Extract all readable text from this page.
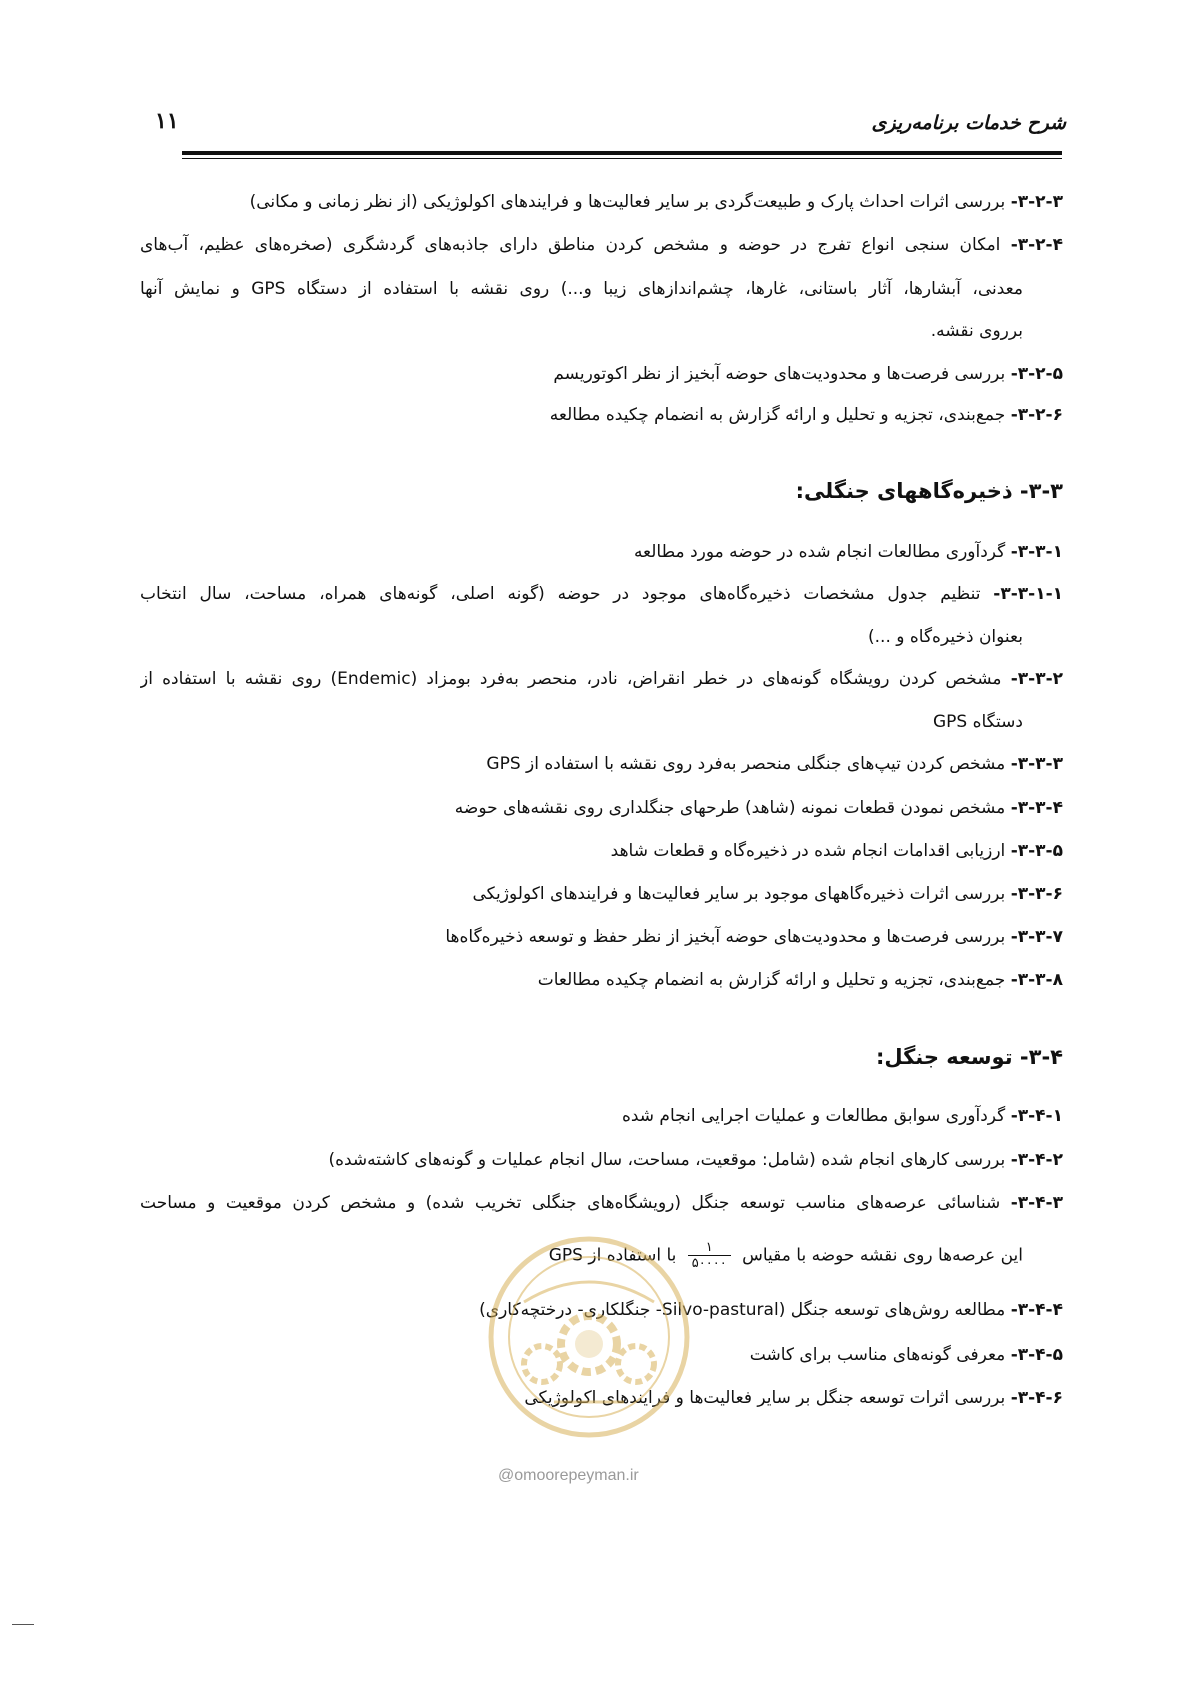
شرح خدمات برنامه‌ریزی
۱۱
۳-۲-۳- بررسی اثرات احداث پارک و طبیعت‌گردی بر سایر فعالیت‌ها و فرایندهای اکولوژیکی (از نظر زمانی و مکانی)
۳-۲-۴- امکان سنجی انواع تفرج در حوضه و مشخص کردن مناطق دارای جاذبه‌های گردشگری (صخره‌های عظیم، آب‌های
معدنی، آبشارها، آثار باستانی، غارها، چشم‌اندازهای زیبا و...) روی نقشه با استفاده از دستگاه GPS و نمایش آنها
برروی نقشه.
۳-۲-۵- بررسی فرصت‌ها و محدودیت‌های حوضه آبخیز از نظر اکوتوریسم
۳-۲-۶- جمع‌بندی، تجزیه و تحلیل و ارائه گزارش به انضمام چکیده مطالعه
۳-۳- ذخیره‌گاههای جنگلی:
۳-۳-۱- گردآوری مطالعات انجام شده در حوضه مورد مطالعه
۳-۳-۱-۱- تنظیم جدول مشخصات ذخیره‌گاه‌های موجود در حوضه (گونه اصلی، گونه‌های همراه، مساحت، سال انتخاب
بعنوان ذخیره‌گاه و ...)
۳-۳-۲- مشخص کردن رویشگاه گونه‌های در خطر انقراض، نادر، منحصر به‌فرد بومزاد (Endemic) روی نقشه با استفاده از
دستگاه GPS
۳-۳-۳- مشخص کردن تیپ‌های جنگلی منحصر به‌فرد روی نقشه با استفاده از GPS
۳-۳-۴- مشخص نمودن قطعات نمونه (شاهد) طرحهای جنگلداری روی نقشه‌های حوضه
۳-۳-۵- ارزیابی اقدامات انجام شده در ذخیره‌گاه و قطعات شاهد
۳-۳-۶- بررسی اثرات ذخیره‌گاههای موجود بر سایر فعالیت‌ها و فرایندهای اکولوژیکی
۳-۳-۷- بررسی فرصت‌ها و محدودیت‌های حوضه آبخیز از نظر حفظ و توسعه ذخیره‌گاه‌ها
۳-۳-۸- جمع‌بندی، تجزیه و تحلیل و ارائه گزارش به انضمام چکیده مطالعات
۳-۴- توسعه جنگل:
۳-۴-۱- گردآوری سوابق مطالعات و عملیات اجرایی انجام شده
۳-۴-۲- بررسی کارهای انجام شده (شامل: موقعیت، مساحت، سال انجام عملیات و گونه‌های کاشته‌شده)
۳-۴-۳- شناسائی عرصه‌های مناسب توسعه جنگل (رویشگاه‌های جنگلی تخریب شده) و مشخص کردن موقعیت و مساحت
این عرصه‌ها روی نقشه حوضه با مقیاس
$\frac{۱}{۵۰۰۰۰}$
با استفاده از GPS
۳-۴-۴- مطالعه روش‌های توسعه جنگل (Silvo-pastural- جنگلکاری- درختچه‌کاری)
۳-۴-۵- معرفی گونه‌های مناسب برای کاشت
۳-۴-۶- بررسی اثرات توسعه جنگل بر سایر فعالیت‌ها و فرایندهای اکولوژیکی
@omoorepeyman.ir
